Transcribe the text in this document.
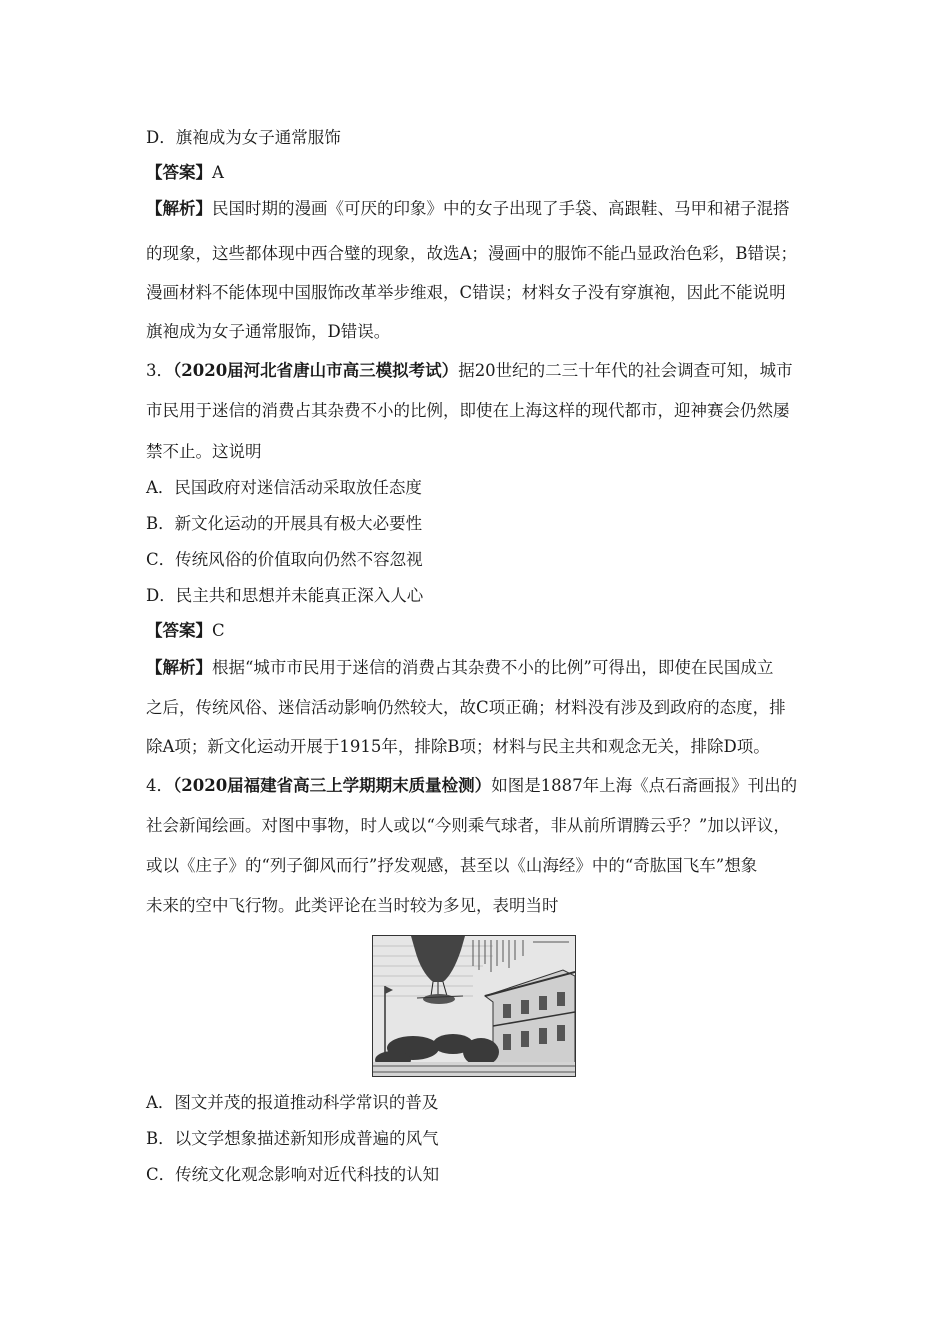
D．旗袍成为女子通常服饰
【答案】A
【解析】民国时期的漫画《可厌的印象》中的女子出现了手袋、高跟鞋、马甲和裙子混搭
的现象，这些都体现中西合璧的现象，故选A；漫画中的服饰不能凸显政治色彩，B错误；
漫画材料不能体现中国服饰改革举步维艰，C错误；材料女子没有穿旗袍，因此不能说明
旗袍成为女子通常服饰，D错误。
3．（2020届河北省唐山市高三模拟考试）据20世纪的二三十年代的社会调查可知，城市
市民用于迷信的消费占其杂费不小的比例，即使在上海这样的现代都市，迎神赛会仍然屡
禁不止。这说明
A．民国政府对迷信活动采取放任态度
B．新文化运动的开展具有极大必要性
C．传统风俗的价值取向仍然不容忽视
D．民主共和思想并未能真正深入人心
【答案】C
【解析】根据“城市市民用于迷信的消费占其杂费不小的比例”可得出，即使在民国成立
之后，传统风俗、迷信活动影响仍然较大，故C项正确；材料没有涉及到政府的态度，排
除A项；新文化运动开展于1915年，排除B项；材料与民主共和观念无关，排除D项。
4．（2020届福建省高三上学期期末质量检测）如图是1887年上海《点石斋画报》刊出的
社会新闻绘画。对图中事物，时人或以“今则乘气球者，非从前所谓腾云乎？”加以评议，
或以《庄子》的“列子御风而行”抒发观感，甚至以《山海经》中的“奇肱国飞车”想象
未来的空中飞行物。此类评论在当时较为多见，表明当时
A．图文并茂的报道推动科学常识的普及
B．以文学想象描述新知形成普遍的风气
C．传统文化观念影响对近代科技的认知
